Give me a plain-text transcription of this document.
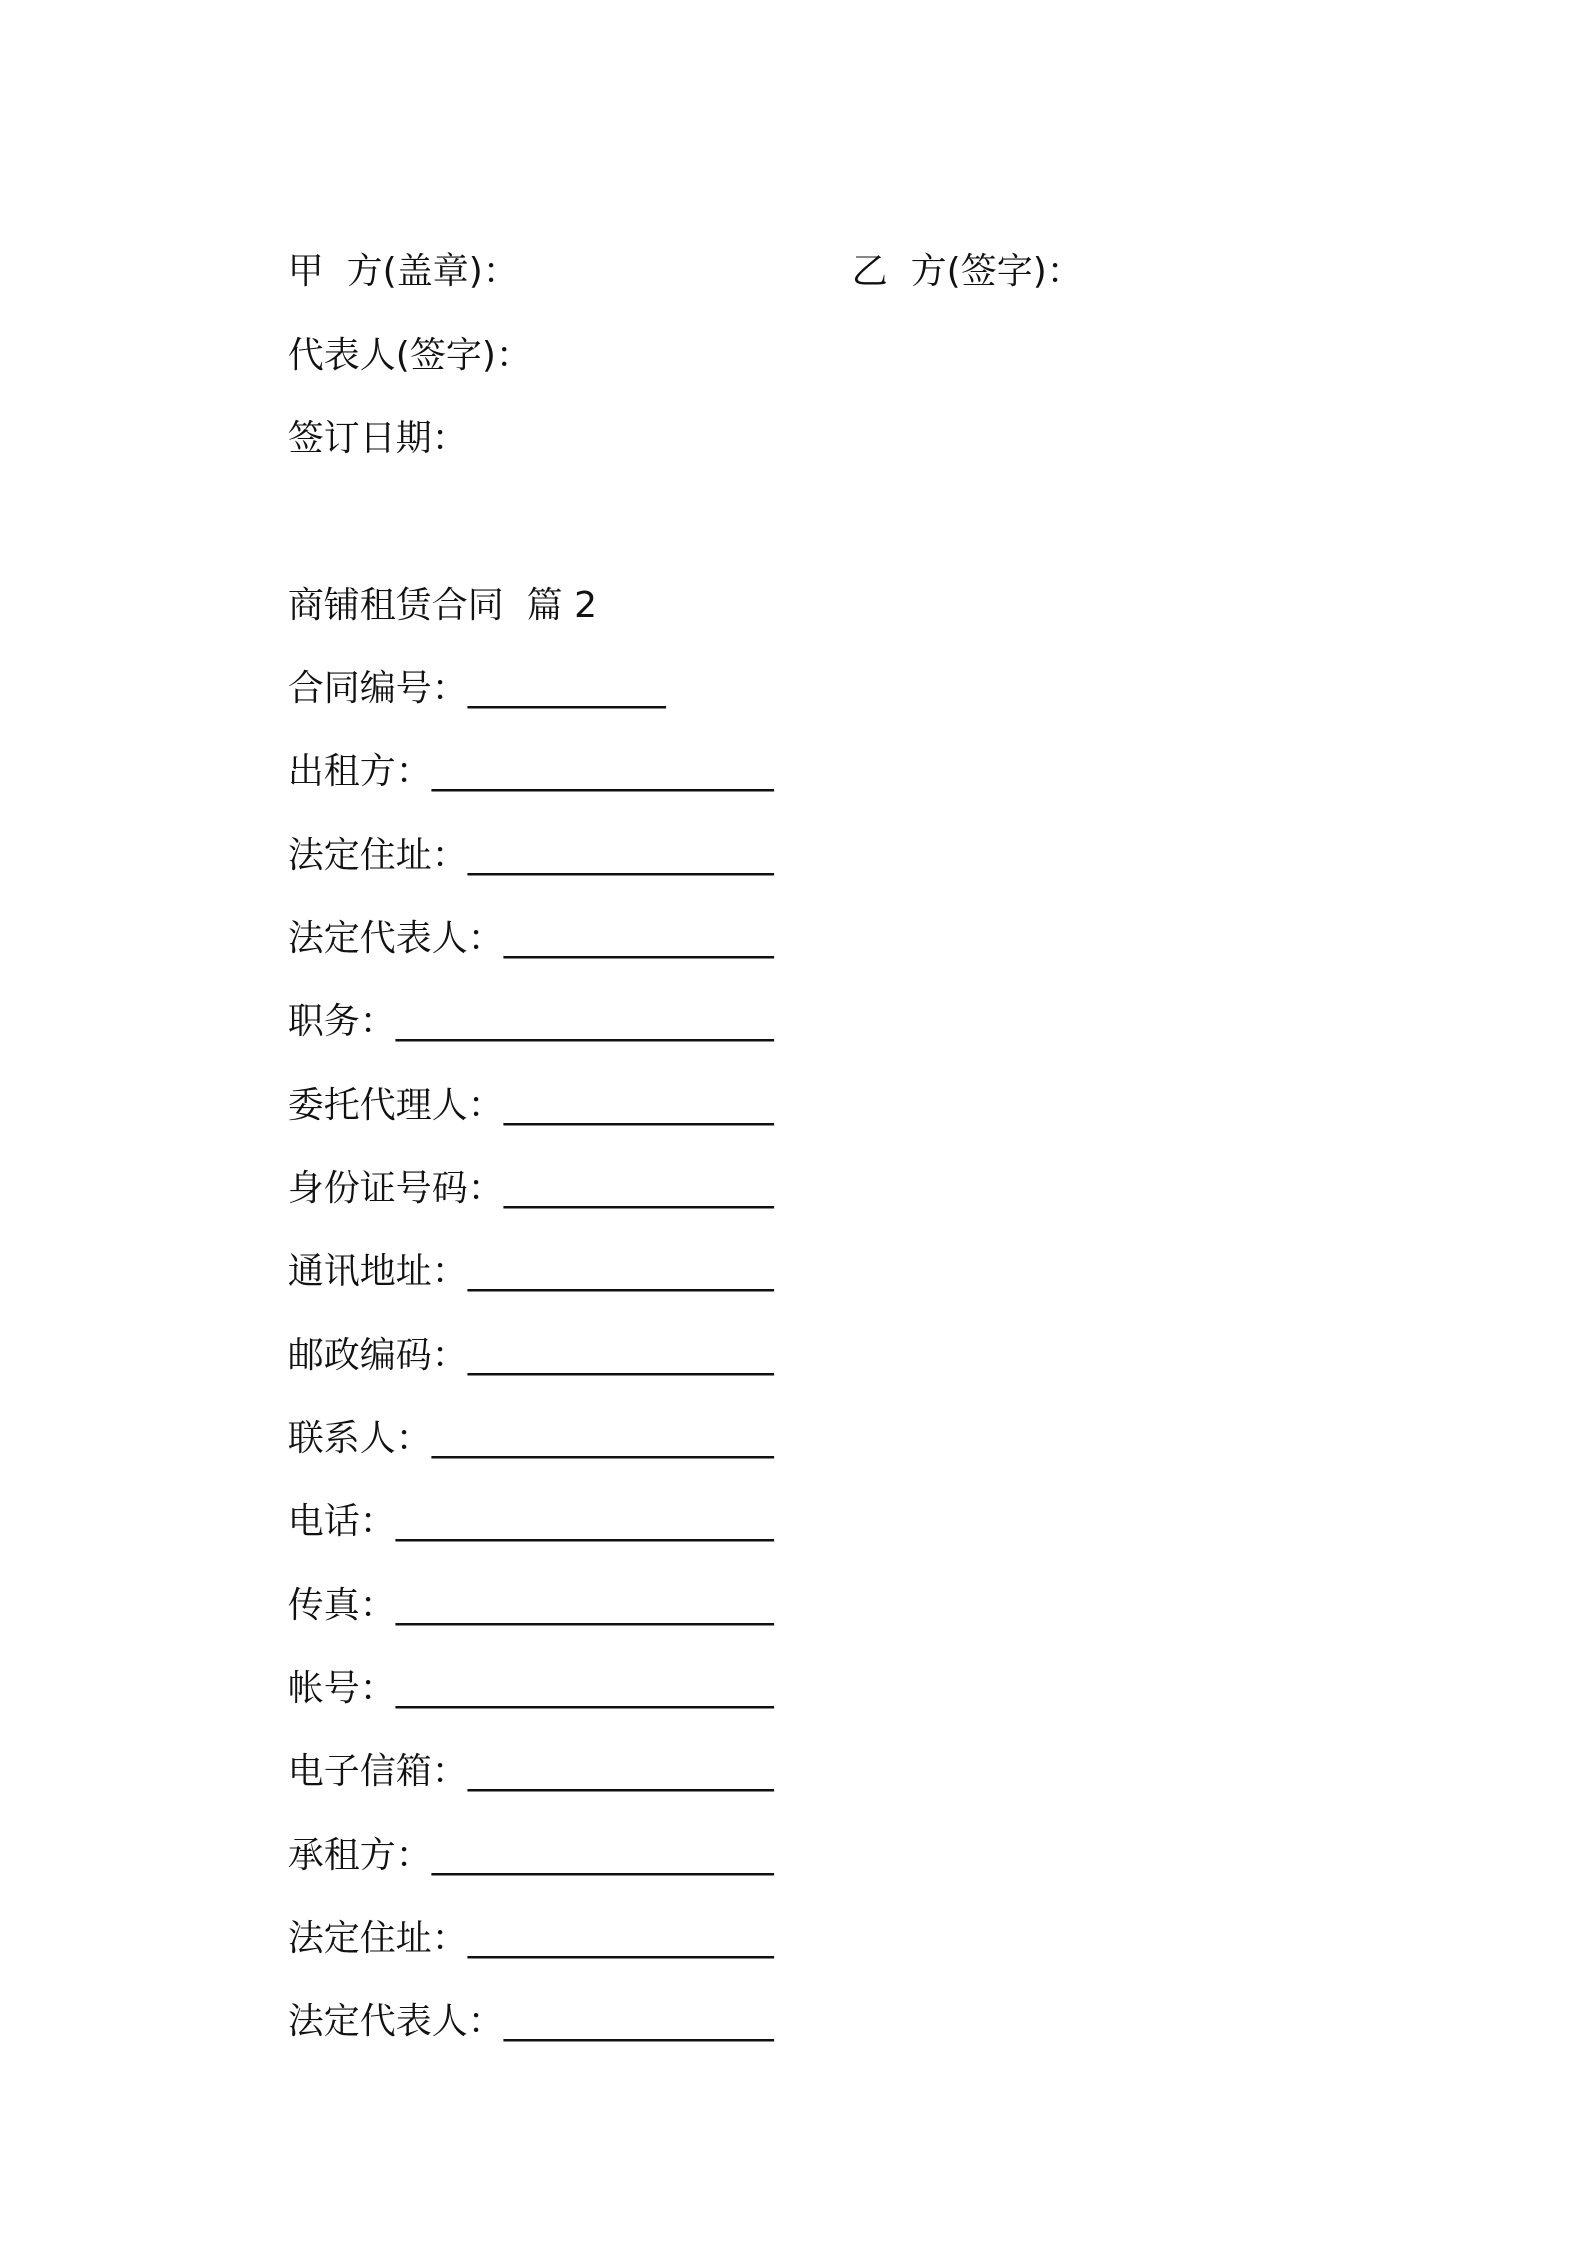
甲  方(盖章)：
	乙  方(签字)：

代表人(签字)：

签订日期：

商铺租赁合同  篇 2

合同编号：___________

出租方：___________________

法定住址：_________________

法定代表人：_______________

职务：_____________________

委托代理人：_______________

身份证号码：_______________

通讯地址：_________________

邮政编码：_________________

联系人：___________________

电话：_____________________

传真：_____________________

帐号：_____________________

电子信箱：_________________

承租方：___________________

法定住址：_________________

法定代表人：_______________
